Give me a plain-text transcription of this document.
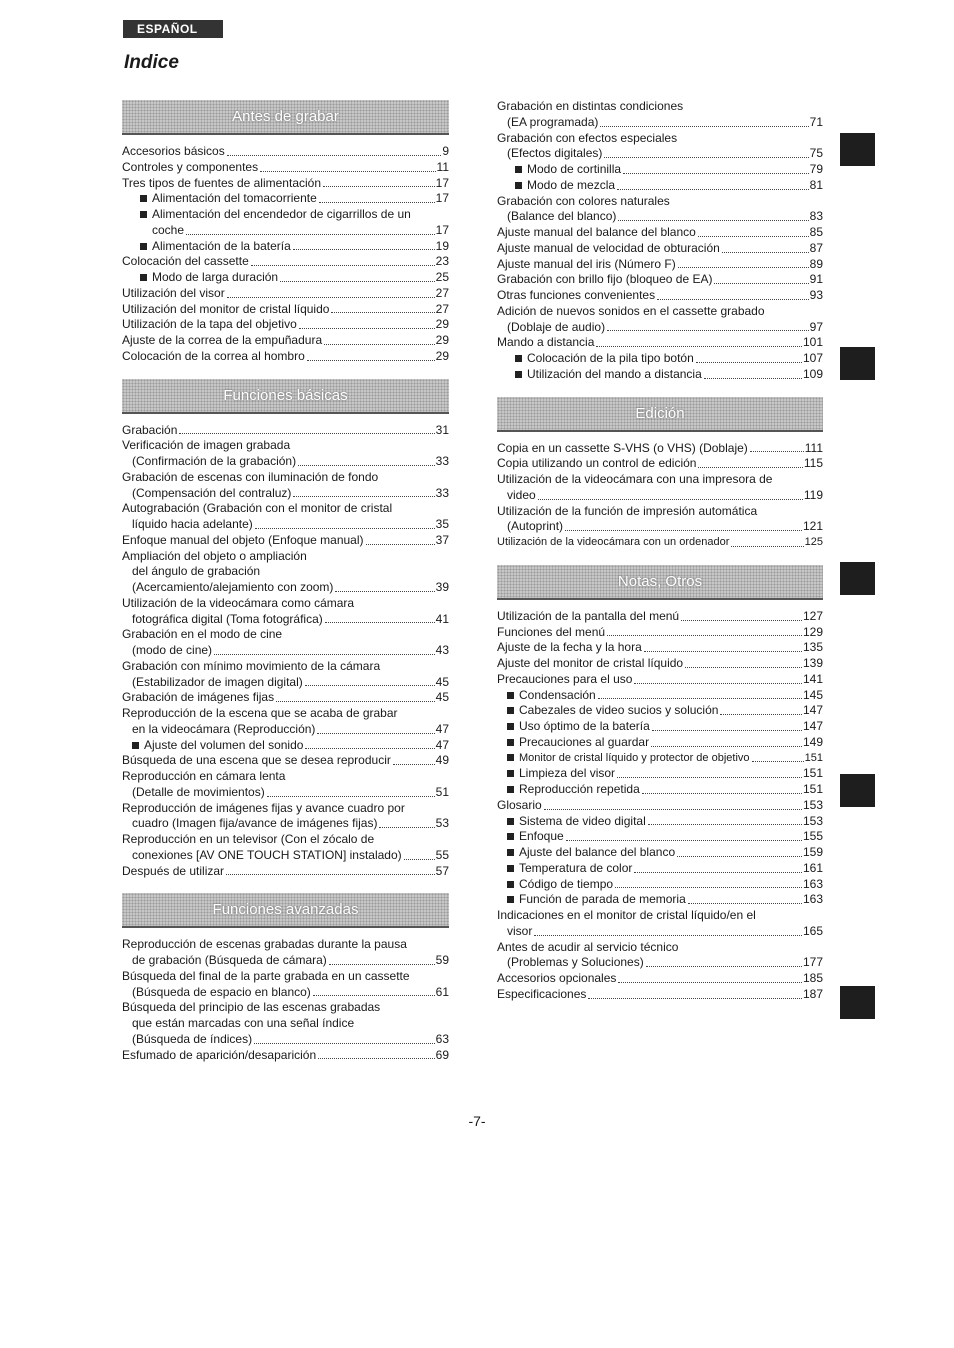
ESPAÑOL
Indice
Antes de grabar
Accesorios básicos	9
Controles y componentes	11
Tres tipos de fuentes de alimentación	17
Alimentación del tomacorriente	17
Alimentación del encendedor de cigarrillos de un
coche	17
Alimentación de la batería	19
Colocación del cassette	23
Modo de larga duración	25
Utilización del visor	27
Utilización del monitor de cristal líquido	27
Utilización de la tapa del objetivo	29
Ajuste de la correa de la empuñadura	29
Colocación de la correa al hombro	29
Funciones básicas
Grabación	31
Verificación de imagen grabada
(Confirmación de la grabación)	33
Grabación de escenas con iluminación de fondo
(Compensación del contraluz)	33
Autograbación (Grabación con el monitor de cristal
líquido hacia adelante)	35
Enfoque manual del objeto (Enfoque manual)	37
Ampliación del objeto o ampliación
del ángulo de grabación
(Acercamiento/alejamiento con zoom)	39
Utilización de la videocámara como cámara
fotográfica digital (Toma fotográfica)	41
Grabación en el modo de cine
(modo de cine)	43
Grabación con mínimo movimiento de la cámara
(Estabilizador de imagen digital)	45
Grabación de imágenes fijas	45
Reproducción de la escena que se acaba de grabar
en la videocámara (Reproducción)	47
Ajuste del volumen del sonido	47
Búsqueda de una escena que se desea reproducir	49
Reproducción en cámara lenta
(Detalle de movimientos)	51
Reproducción de imágenes fijas y avance cuadro por
cuadro (Imagen fija/avance de imágenes fijas)	53
Reproducción en un televisor (Con el zócalo de
conexiones [AV ONE TOUCH STATION] instalado)	55
Después de utilizar	57
Funciones avanzadas
Reproducción de escenas grabadas durante la pausa
de grabación (Búsqueda de cámara)	59
Búsqueda del final de la parte grabada en un cassette
(Búsqueda de espacio en blanco)	61
Búsqueda del principio de las escenas grabadas
que están marcadas con una señal índice
(Búsqueda de índices)	63
Esfumado de aparición/desaparición	69
Grabación en distintas condiciones
(EA programada)	71
Grabación con efectos especiales
(Efectos digitales)	75
Modo de cortinilla	79
Modo de mezcla	81
Grabación con colores naturales
(Balance del blanco)	83
Ajuste manual del balance del blanco	85
Ajuste manual de velocidad de obturación	87
Ajuste manual del iris (Número F)	89
Grabación con brillo fijo (bloqueo de EA)	91
Otras funciones convenientes	93
Adición de nuevos sonidos en el cassette grabado
(Doblaje de audio)	97
Mando a distancia	101
Colocación de la pila tipo botón	107
Utilización del mando a distancia	109
Edición
Copia en un cassette S-VHS (o VHS) (Doblaje)	111
Copia utilizando un control de edición	115
Utilización de la videocámara con una impresora de
video	119
Utilización de la función de impresión automática
(Autoprint)	121
Utilización de la videocámara con un ordenador	125
Notas, Otros
Utilización de la pantalla del menú	127
Funciones del menú	129
Ajuste de la fecha y la hora	135
Ajuste del monitor de cristal líquido	139
Precauciones para el uso	141
Condensación	145
Cabezales de video sucios y solución	147
Uso óptimo de la batería	147
Precauciones al guardar	149
Monitor de cristal líquido y protector de objetivo	151
Limpieza del visor	151
Reproducción repetida	151
Glosario	153
Sistema de video digital	153
Enfoque	155
Ajuste del balance del blanco	159
Temperatura de color	161
Código de tiempo	163
Función de parada de memoria	163
Indicaciones en el monitor de cristal líquido/en el
visor	165
Antes de acudir al servicio técnico
(Problemas y Soluciones)	177
Accesorios opcionales	185
Especificaciones	187
-7-
